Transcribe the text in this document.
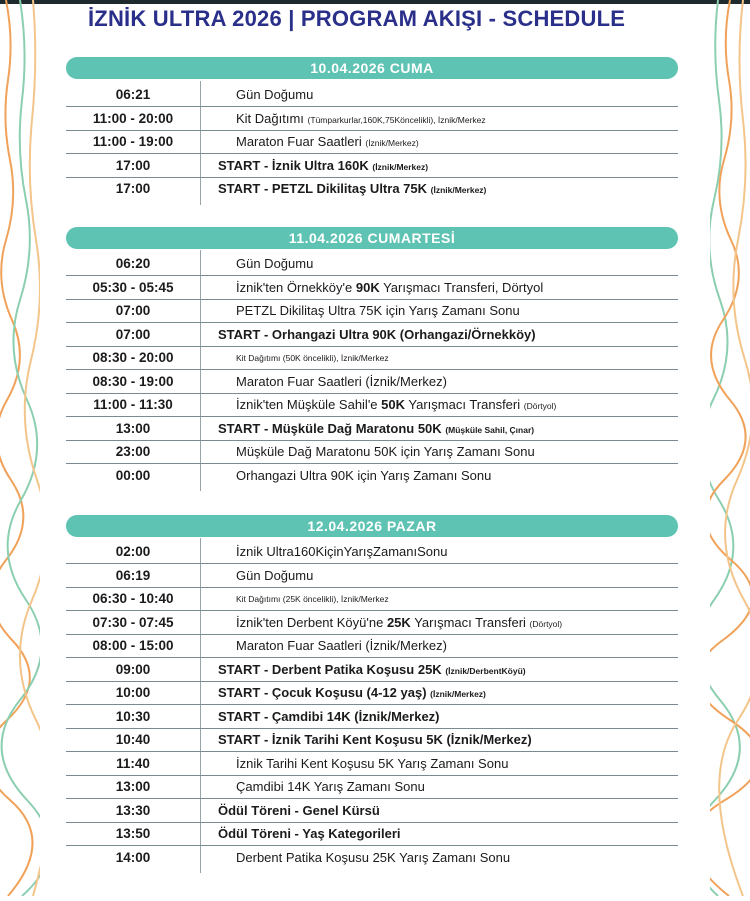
İZNİK ULTRA 2026 | PROGRAM AKIŞI - SCHEDULE
10.04.2026 CUMA
06:21	Gün Doğumu
11:00 - 20:00	Kit Dağıtımı (Tümparkurlar,160K,75Köncelikli), İznik/Merkez
11:00 - 19:00	Maraton Fuar Saatleri (İznik/Merkez)
17:00	START - İznik Ultra 160K (İznik/Merkez)
17:00	START - PETZL Dikilitaş Ultra 75K (İznik/Merkez)
11.04.2026 CUMARTESİ
06:20	Gün Doğumu
05:30 - 05:45	İznik'ten Örnekköy'e 90K Yarışmacı Transferi, Dörtyol
07:00	PETZL Dikilitaş Ultra 75K için Yarış Zamanı Sonu
07:00	START - Orhangazi Ultra 90K (Orhangazi/Örnekköy)
08:30 - 20:00	Kit Dağıtımı (50K öncelikli), İznik/Merkez
08:30 - 19:00	Maraton Fuar Saatleri (İznik/Merkez)
11:00 - 11:30	İznik'ten Müşküle Sahil'e 50K Yarışmacı Transferi (Dörtyol)
13:00	START - Müşküle Dağ Maratonu 50K (Müşküle Sahil, Çınar)
23:00	Müşküle Dağ Maratonu 50K için Yarış Zamanı Sonu
00:00	Orhangazi Ultra 90K için Yarış Zamanı Sonu
12.04.2026 PAZAR
02:00	İznik Ultra160KiçinYarışZamanıSonu
06:19	Gün Doğumu
06:30 - 10:40	Kit Dağıtımı (25K öncelikli), İznik/Merkez
07:30 - 07:45	İznik'ten Derbent Köyü'ne 25K Yarışmacı Transferi (Dörtyol)
08:00 - 15:00	Maraton Fuar Saatleri (İznik/Merkez)
09:00	START - Derbent Patika Koşusu 25K (İznik/DerbentKöyü)
10:00	START - Çocuk Koşusu (4-12 yaş) (İznik/Merkez)
10:30	START - Çamdibi 14K (İznik/Merkez)
10:40	START - İznik Tarihi Kent Koşusu 5K (İznik/Merkez)
11:40	İznik Tarihi Kent Koşusu 5K Yarış Zamanı Sonu
13:00	Çamdibi 14K Yarış Zamanı Sonu
13:30	Ödül Töreni - Genel Kürsü
13:50	Ödül Töreni - Yaş Kategorileri
14:00	Derbent Patika Koşusu 25K Yarış Zamanı Sonu
